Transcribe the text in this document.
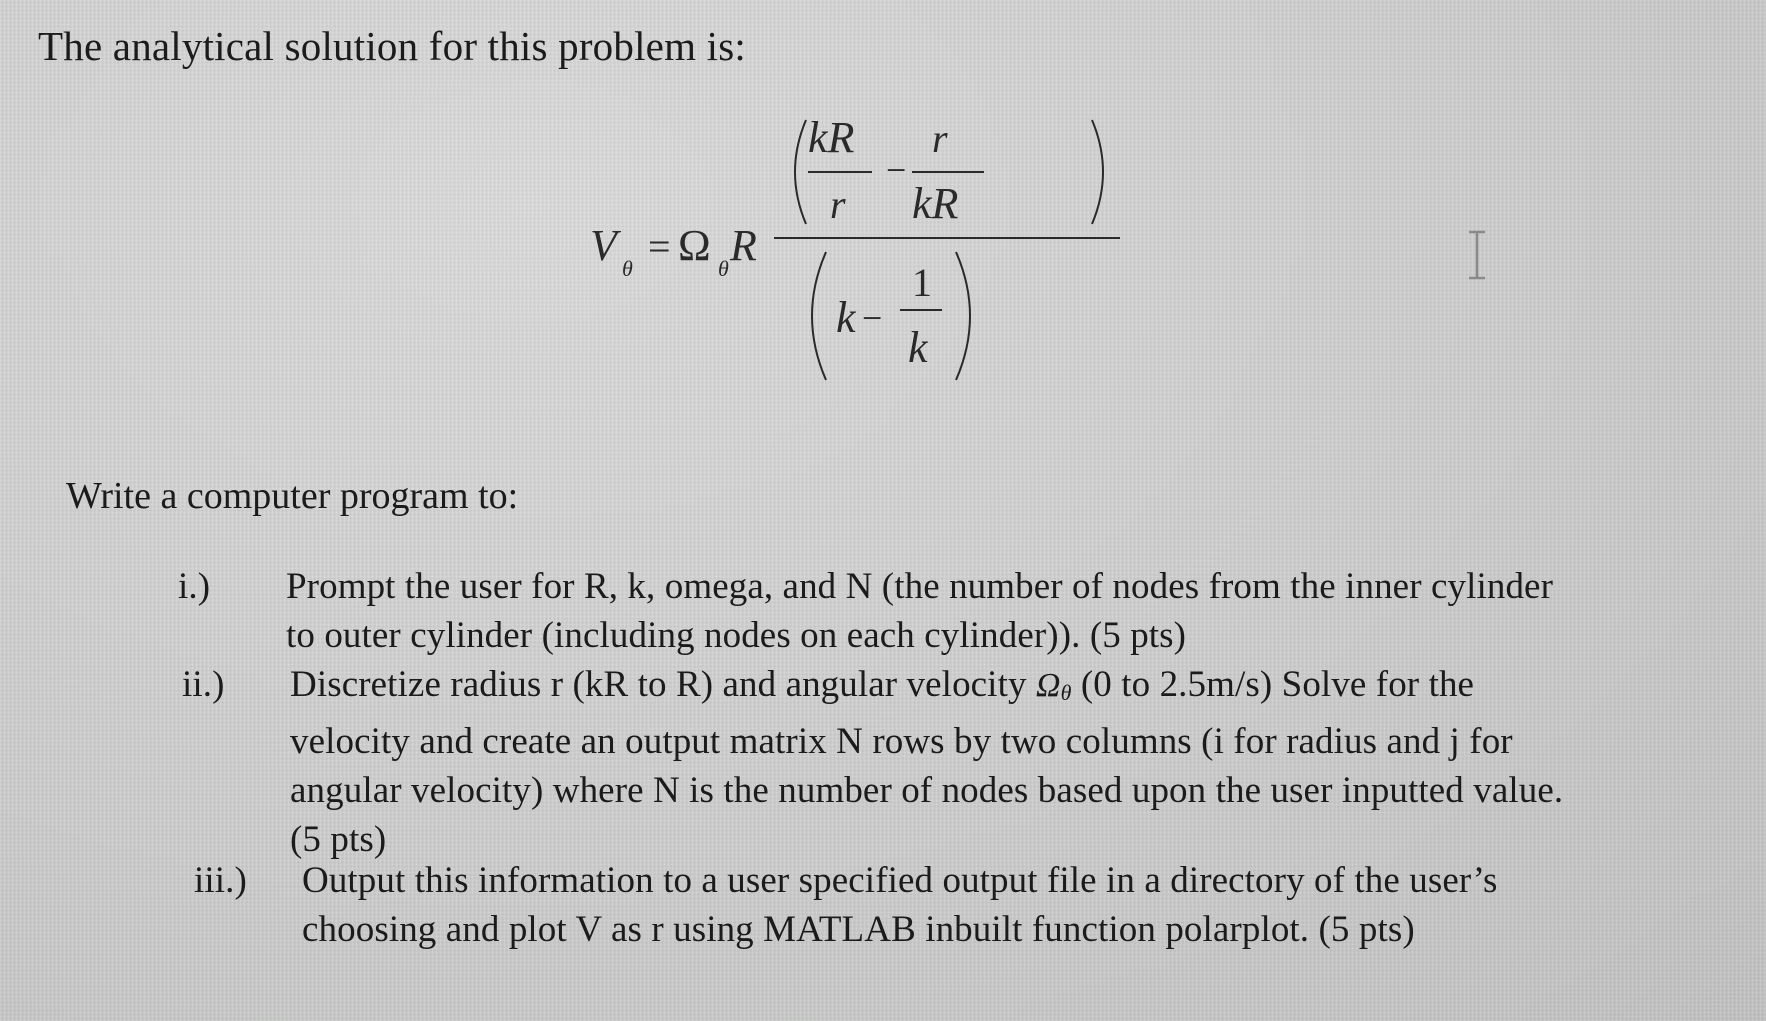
The analytical solution for this problem is:
V θ = Ω θ R
kR
r
−
r
kR
k −
1
k
Write a computer program to:
i.) Prompt the user for R, k, omega, and N (the number of nodes from the inner cylinder
to outer cylinder (including nodes on each cylinder)). (5 pts)
ii.) Discretize radius r (kR to R) and angular velocity $\Omega_\theta$ (0 to 2.5m/s) Solve for the
velocity and create an output matrix N rows by two columns (i for radius and j for
angular velocity) where N is the number of nodes based upon the user inputted value.
(5 pts)
iii.) Output this information to a user specified output file in a directory of the user’s
choosing and plot V as r using MATLAB inbuilt function polarplot. (5 pts)
